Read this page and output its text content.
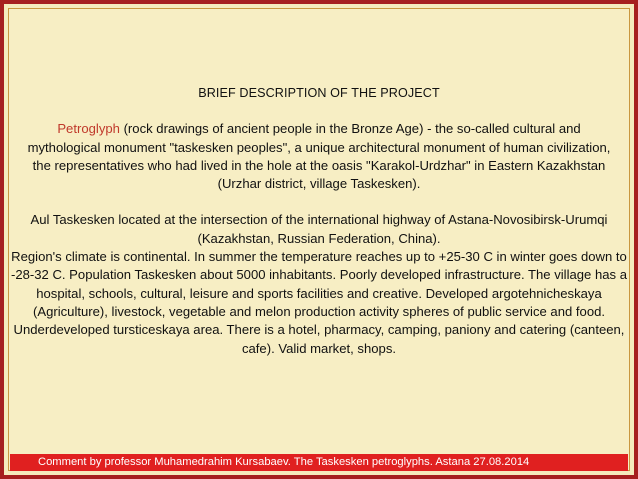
BRIEF DESCRIPTION OF THE PROJECT
Petroglyph (rock drawings of ancient people in the Bronze Age) - the so-called cultural and mythological monument "taskesken peoples", a unique architectural monument of human civilization, the representatives who had lived in the hole at the oasis "Karakol-Urdzhar" in Eastern Kazakhstan (Urzhar district, village Taskesken).
Aul Taskesken located at the intersection of the international highway of Astana-Novosibirsk-Urumqi (Kazakhstan, Russian Federation, China).
Region's climate is continental. In summer the temperature reaches up to +25-30 C in winter goes down to -28-32 C. Population Taskesken about 5000 inhabitants. Poorly developed infrastructure. The village has a hospital, schools, cultural, leisure and sports facilities and creative. Developed argotehnicheskaya (Agriculture), livestock, vegetable and melon production activity spheres of public service and food. Underdeveloped tursticеskaya area. There is a hotel, pharmacy, camping, paniony and catering (canteen, cafe). Valid market, shops.
Comment by professor Muhamedrahim Kursabaev. The Taskesken petroglyphs. Astana 27.08.2014
